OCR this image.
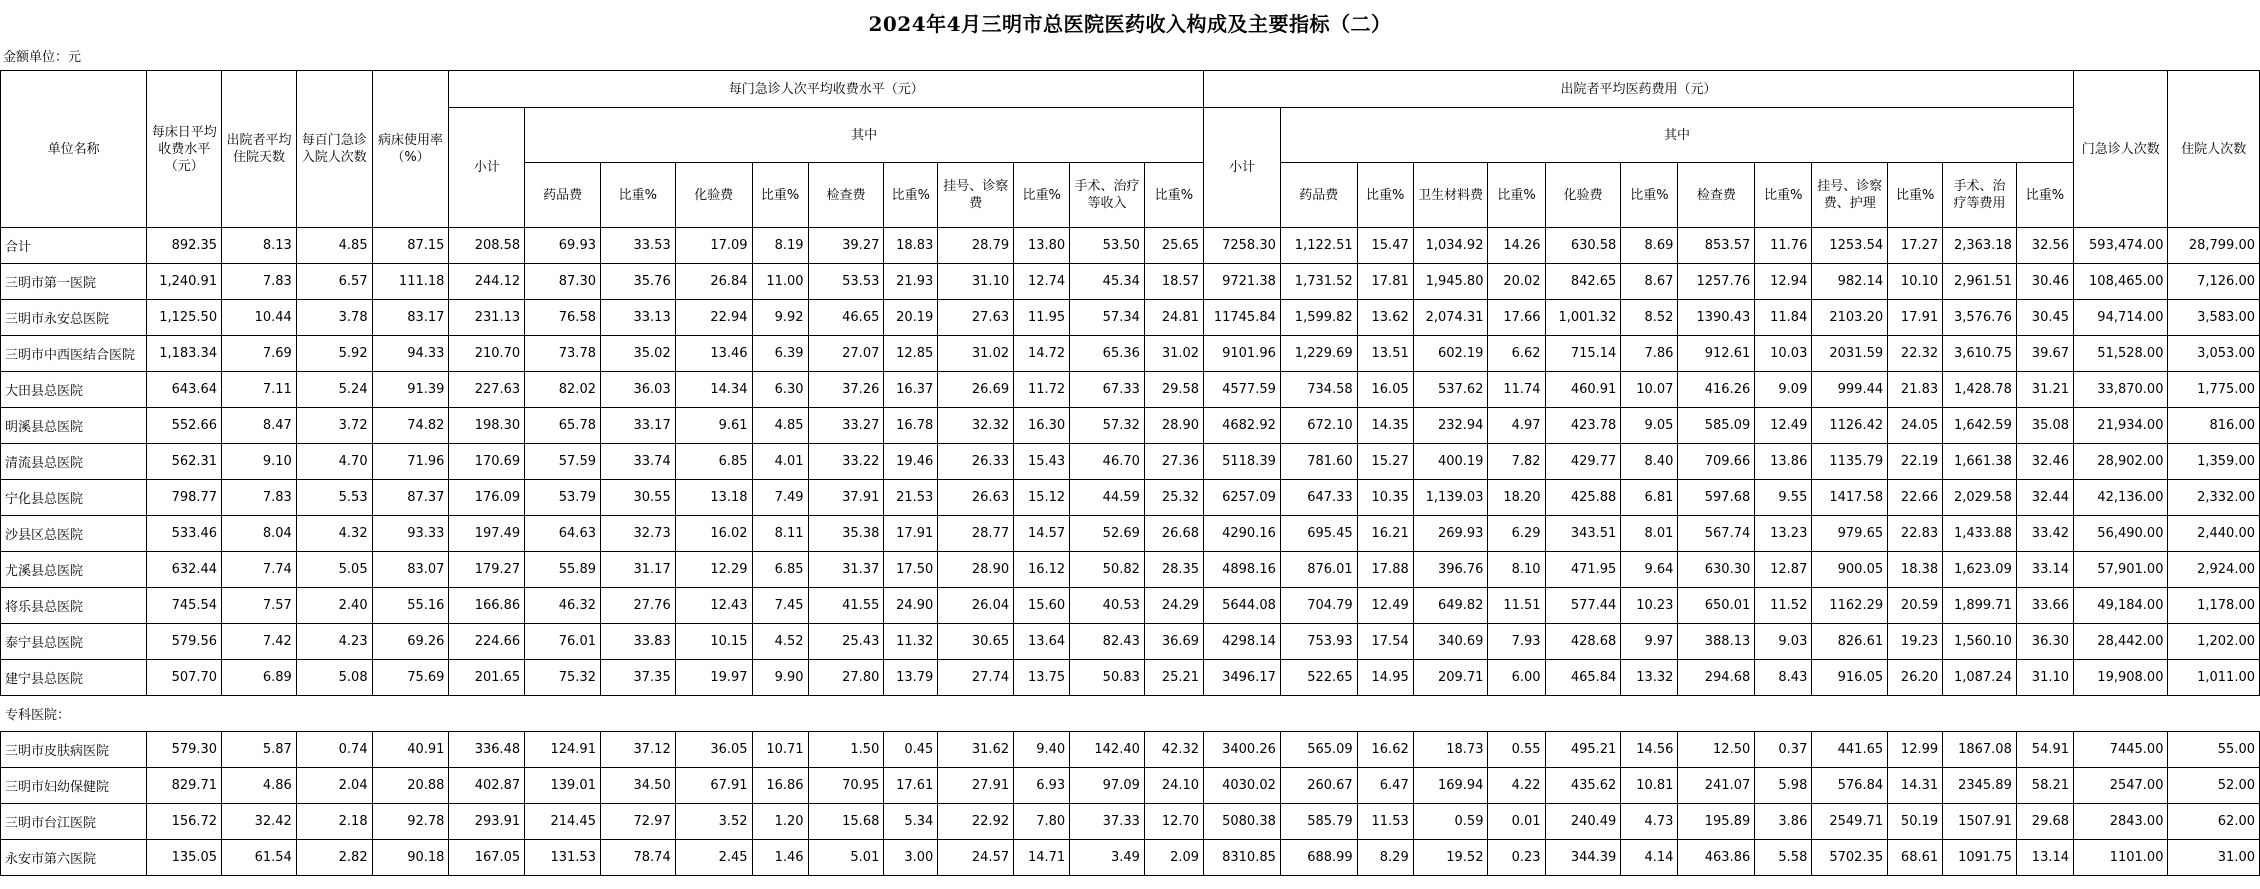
2024年4月三明市总医院医药收入构成及主要指标（二）
金额单位：元
单位名称	每床日平均收费水平（元）	出院者平均住院天数	每百门急诊入院人次数	病床使用率（%）	每门急诊人次平均收费水平（元）											出院者平均医药费用（元）													门急诊人次数	住院人次数
					小计	其中										小计	其中													
						药品费	比重%	化验费	比重%	检查费	比重%	挂号、诊察费	比重%	手术、治疗等收入	比重%		药品费	比重%	卫生材料费	比重%	化验费	比重%	检查费	比重%	挂号、诊察费、护理	比重%	手术、治疗等费用	比重%		
合计	892.35	8.13	4.85	87.15	208.58	69.93	33.53	17.09	8.19	39.27	18.83	28.79	13.80	53.50	25.65	7258.30	1,122.51	15.47	1,034.92	14.26	630.58	8.69	853.57	11.76	1253.54	17.27	2,363.18	32.56	593,474.00	28,799.00
三明市第一医院	1,240.91	7.83	6.57	111.18	244.12	87.30	35.76	26.84	11.00	53.53	21.93	31.10	12.74	45.34	18.57	9721.38	1,731.52	17.81	1,945.80	20.02	842.65	8.67	1257.76	12.94	982.14	10.10	2,961.51	30.46	108,465.00	7,126.00
三明市永安总医院	1,125.50	10.44	3.78	83.17	231.13	76.58	33.13	22.94	9.92	46.65	20.19	27.63	11.95	57.34	24.81	11745.84	1,599.82	13.62	2,074.31	17.66	1,001.32	8.52	1390.43	11.84	2103.20	17.91	3,576.76	30.45	94,714.00	3,583.00
三明市中西医结合医院	1,183.34	7.69	5.92	94.33	210.70	73.78	35.02	13.46	6.39	27.07	12.85	31.02	14.72	65.36	31.02	9101.96	1,229.69	13.51	602.19	6.62	715.14	7.86	912.61	10.03	2031.59	22.32	3,610.75	39.67	51,528.00	3,053.00
大田县总医院	643.64	7.11	5.24	91.39	227.63	82.02	36.03	14.34	6.30	37.26	16.37	26.69	11.72	67.33	29.58	4577.59	734.58	16.05	537.62	11.74	460.91	10.07	416.26	9.09	999.44	21.83	1,428.78	31.21	33,870.00	1,775.00
明溪县总医院	552.66	8.47	3.72	74.82	198.30	65.78	33.17	9.61	4.85	33.27	16.78	32.32	16.30	57.32	28.90	4682.92	672.10	14.35	232.94	4.97	423.78	9.05	585.09	12.49	1126.42	24.05	1,642.59	35.08	21,934.00	816.00
清流县总医院	562.31	9.10	4.70	71.96	170.69	57.59	33.74	6.85	4.01	33.22	19.46	26.33	15.43	46.70	27.36	5118.39	781.60	15.27	400.19	7.82	429.77	8.40	709.66	13.86	1135.79	22.19	1,661.38	32.46	28,902.00	1,359.00
宁化县总医院	798.77	7.83	5.53	87.37	176.09	53.79	30.55	13.18	7.49	37.91	21.53	26.63	15.12	44.59	25.32	6257.09	647.33	10.35	1,139.03	18.20	425.88	6.81	597.68	9.55	1417.58	22.66	2,029.58	32.44	42,136.00	2,332.00
沙县区总医院	533.46	8.04	4.32	93.33	197.49	64.63	32.73	16.02	8.11	35.38	17.91	28.77	14.57	52.69	26.68	4290.16	695.45	16.21	269.93	6.29	343.51	8.01	567.74	13.23	979.65	22.83	1,433.88	33.42	56,490.00	2,440.00
尤溪县总医院	632.44	7.74	5.05	83.07	179.27	55.89	31.17	12.29	6.85	31.37	17.50	28.90	16.12	50.82	28.35	4898.16	876.01	17.88	396.76	8.10	471.95	9.64	630.30	12.87	900.05	18.38	1,623.09	33.14	57,901.00	2,924.00
将乐县总医院	745.54	7.57	2.40	55.16	166.86	46.32	27.76	12.43	7.45	41.55	24.90	26.04	15.60	40.53	24.29	5644.08	704.79	12.49	649.82	11.51	577.44	10.23	650.01	11.52	1162.29	20.59	1,899.71	33.66	49,184.00	1,178.00
泰宁县总医院	579.56	7.42	4.23	69.26	224.66	76.01	33.83	10.15	4.52	25.43	11.32	30.65	13.64	82.43	36.69	4298.14	753.93	17.54	340.69	7.93	428.68	9.97	388.13	9.03	826.61	19.23	1,560.10	36.30	28,442.00	1,202.00
建宁县总医院	507.70	6.89	5.08	75.69	201.65	75.32	37.35	19.97	9.90	27.80	13.79	27.74	13.75	50.83	25.21	3496.17	522.65	14.95	209.71	6.00	465.84	13.32	294.68	8.43	916.05	26.20	1,087.24	31.10	19,908.00	1,011.00
专科医院：																														
三明市皮肤病医院	579.30	5.87	0.74	40.91	336.48	124.91	37.12	36.05	10.71	1.50	0.45	31.62	9.40	142.40	42.32	3400.26	565.09	16.62	18.73	0.55	495.21	14.56	12.50	0.37	441.65	12.99	1867.08	54.91	7445.00	55.00
三明市妇幼保健院	829.71	4.86	2.04	20.88	402.87	139.01	34.50	67.91	16.86	70.95	17.61	27.91	6.93	97.09	24.10	4030.02	260.67	6.47	169.94	4.22	435.62	10.81	241.07	5.98	576.84	14.31	2345.89	58.21	2547.00	52.00
三明市台江医院	156.72	32.42	2.18	92.78	293.91	214.45	72.97	3.52	1.20	15.68	5.34	22.92	7.80	37.33	12.70	5080.38	585.79	11.53	0.59	0.01	240.49	4.73	195.89	3.86	2549.71	50.19	1507.91	29.68	2843.00	62.00
永安市第六医院	135.05	61.54	2.82	90.18	167.05	131.53	78.74	2.45	1.46	5.01	3.00	24.57	14.71	3.49	2.09	8310.85	688.99	8.29	19.52	0.23	344.39	4.14	463.86	5.58	5702.35	68.61	1091.75	13.14	1101.00	31.00
